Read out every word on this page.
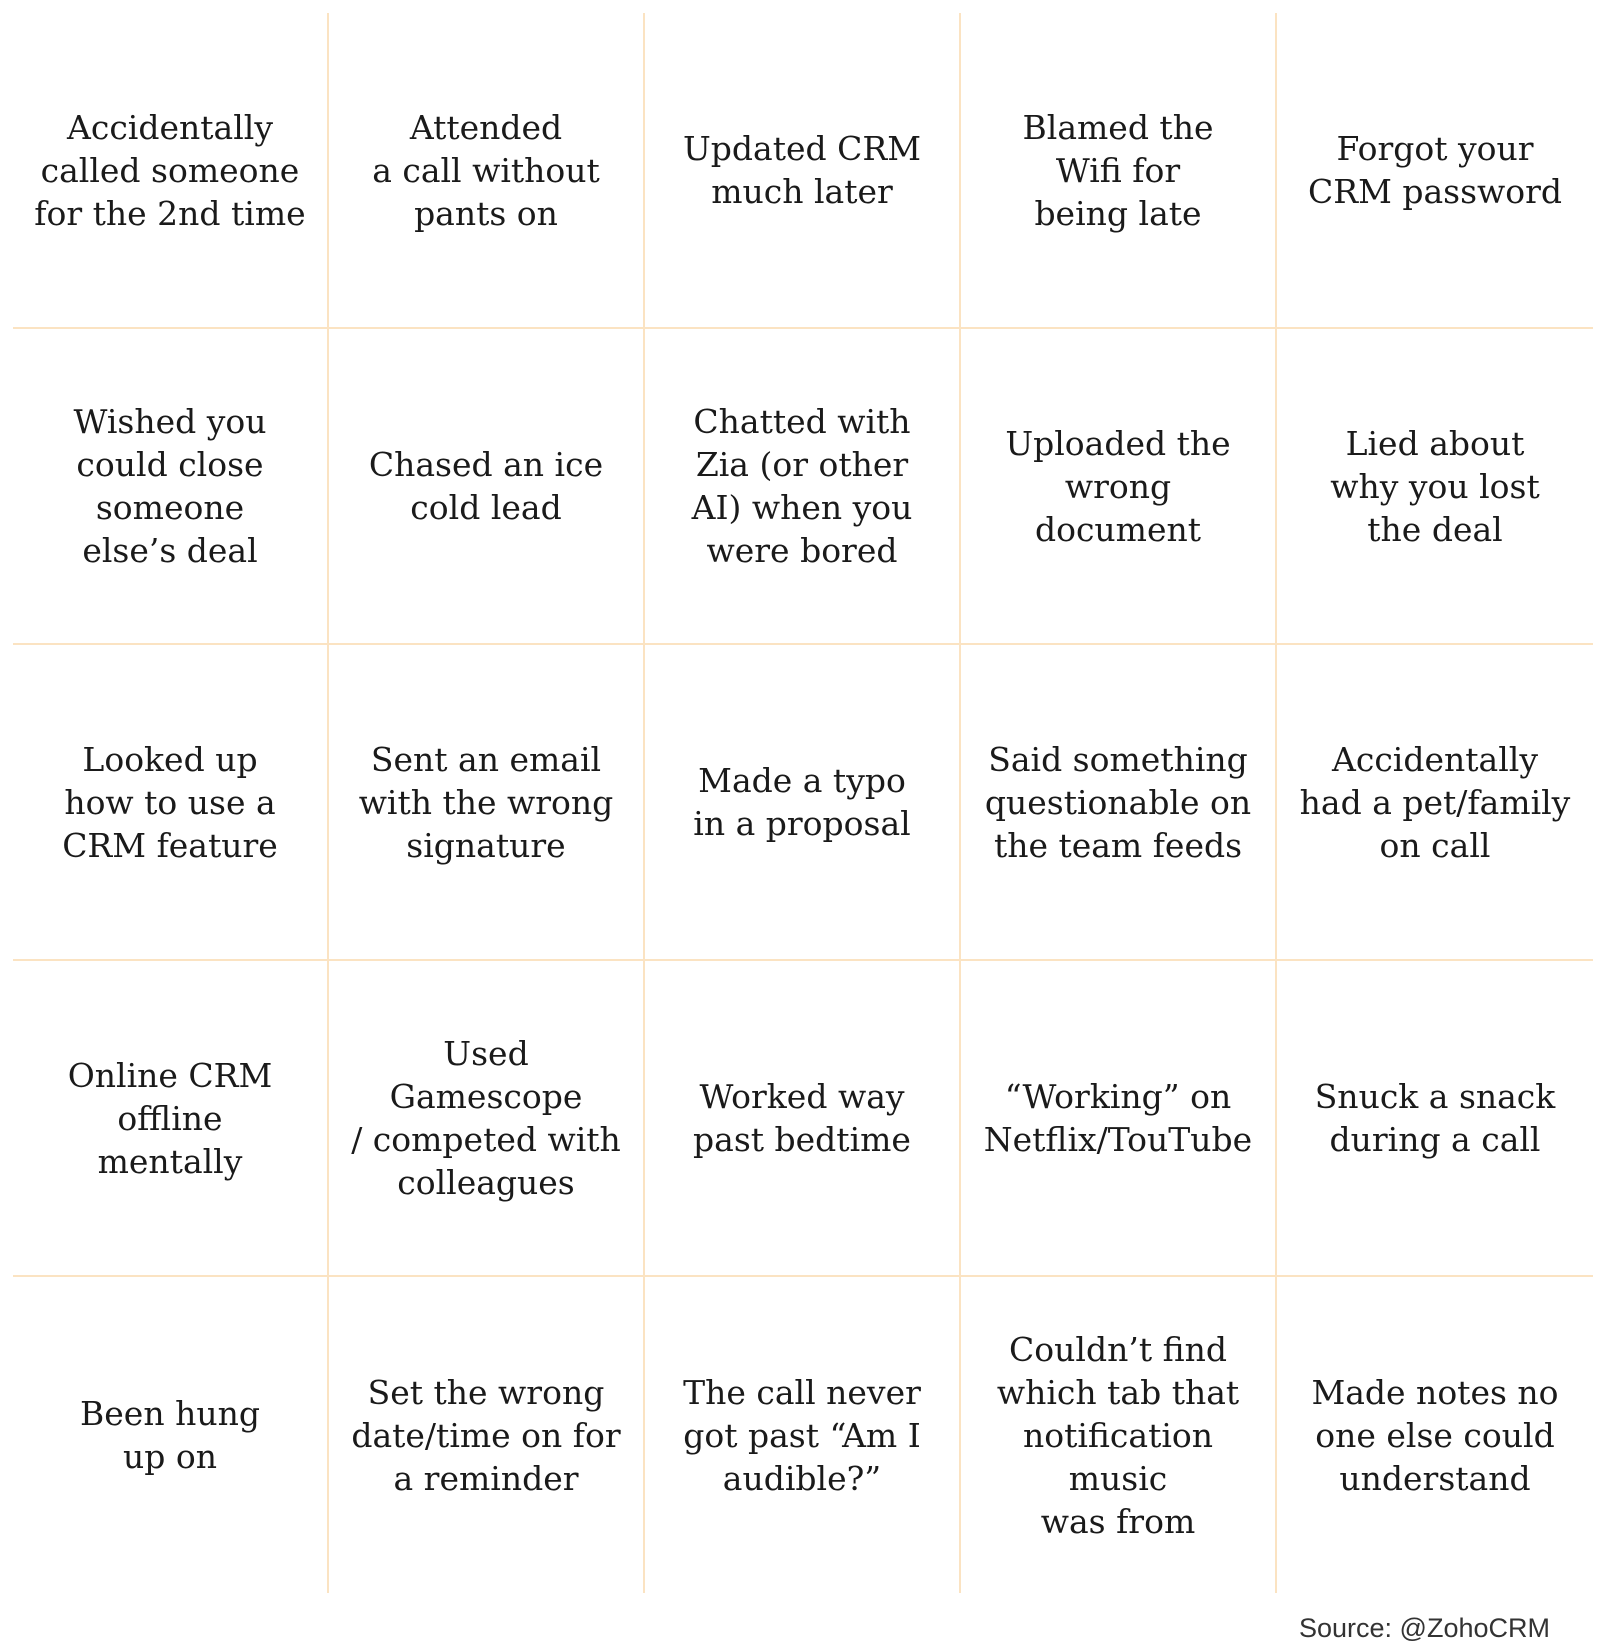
Accidentally
called someone
for the 2nd time
Attended
a call without
pants on
Updated CRM
much later
Blamed the
Wifi for
being late
Forgot your
CRM password
Wished you
could close
someone
else’s deal
Chased an ice
cold lead
Chatted with
Zia (or other
AI) when you
were bored
Uploaded the
wrong
document
Lied about
why you lost
the deal
Looked up
how to use a
CRM feature
Sent an email
with the wrong
signature
Made a typo
in a proposal
Said something
questionable on
the team feeds
Accidentally
had a pet/family
on call
Online CRM
offline
mentally
Used Gamescope
/ competed with
colleagues
Worked way
past bedtime
“Working” on
Netflix/TouTube
Snuck a snack
during a call
Been hung
up on
Set the wrong
date/time on for
a reminder
The call never
got past “Am I
audible?”
Couldn’t find
which tab that
notification music
was from
Made notes no
one else could
understand
Source: @ZohoCRM
